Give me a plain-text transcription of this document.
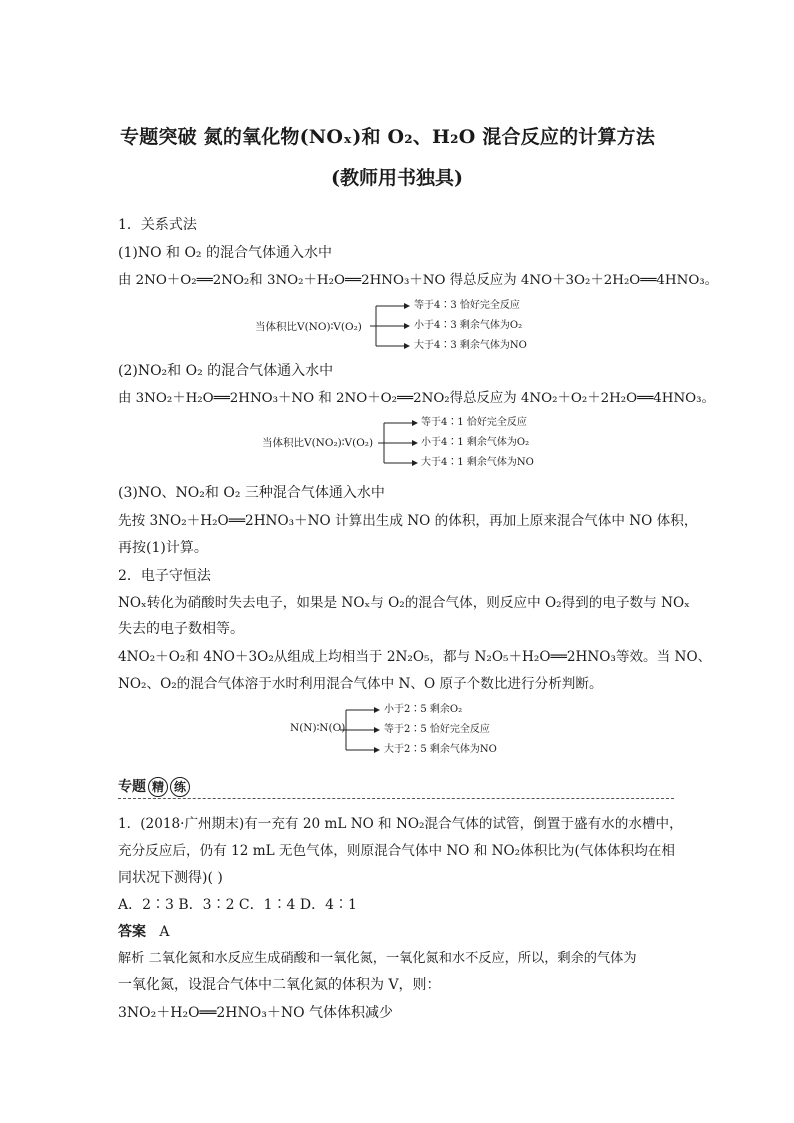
专题突破 氮的氧化物(NOₓ)和 O₂、H₂O 混合反应的计算方法
(教师用书独具)
1．关系式法
(1)NO 和 O₂ 的混合气体通入水中
由 2NO＋O₂══2NO₂和 3NO₂＋H₂O══2HNO₃＋NO 得总反应为 4NO＋3O₂＋2H₂O══4HNO₃。
当体积比V(NO)∶V(O₂)
等于4∶3 恰好完全反应
小于4∶3 剩余气体为O₂
大于4∶3 剩余气体为NO
(2)NO₂和 O₂ 的混合气体通入水中
由 3NO₂＋H₂O══2HNO₃＋NO 和 2NO＋O₂══2NO₂得总反应为 4NO₂＋O₂＋2H₂O══4HNO₃。
当体积比V(NO₂)∶V(O₂)
等于4∶1 恰好完全反应
小于4∶1 剩余气体为O₂
大于4∶1 剩余气体为NO
(3)NO、NO₂和 O₂ 三种混合气体通入水中
先按 3NO₂＋H₂O══2HNO₃＋NO 计算出生成 NO 的体积，再加上原来混合气体中 NO 体积，
再按(1)计算。
2．电子守恒法
NOₓ转化为硝酸时失去电子，如果是 NOₓ与 O₂的混合气体，则反应中 O₂得到的电子数与 NOₓ
失去的电子数相等。
4NO₂＋O₂和 4NO＋3O₂从组成上均相当于 2N₂O₅，都与 N₂O₅＋H₂O══2HNO₃等效。当 NO、
NO₂、O₂的混合气体溶于水时利用混合气体中 N、O 原子个数比进行分析判断。
N(N)∶N(O)
小于2∶5 剩余O₂
等于2∶5 恰好完全反应
大于2∶5 剩余气体为NO
专题 精 练
1．(2018·广州期末)有一充有 20 mL NO 和 NO₂混合气体的试管，倒置于盛有水的水槽中，
充分反应后，仍有 12 mL 无色气体，则原混合气体中 NO 和 NO₂体积比为(气体体积均在相
同状况下测得)( )
A．2∶3 B．3∶2 C．1∶4 D．4∶1
答案 A
解析 二氧化氮和水反应生成硝酸和一氧化氮，一氧化氮和水不反应，所以，剩余的气体为
一氧化氮，设混合气体中二氧化氮的体积为 V，则：
3NO₂＋H₂O══2HNO₃＋NO 气体体积减少
